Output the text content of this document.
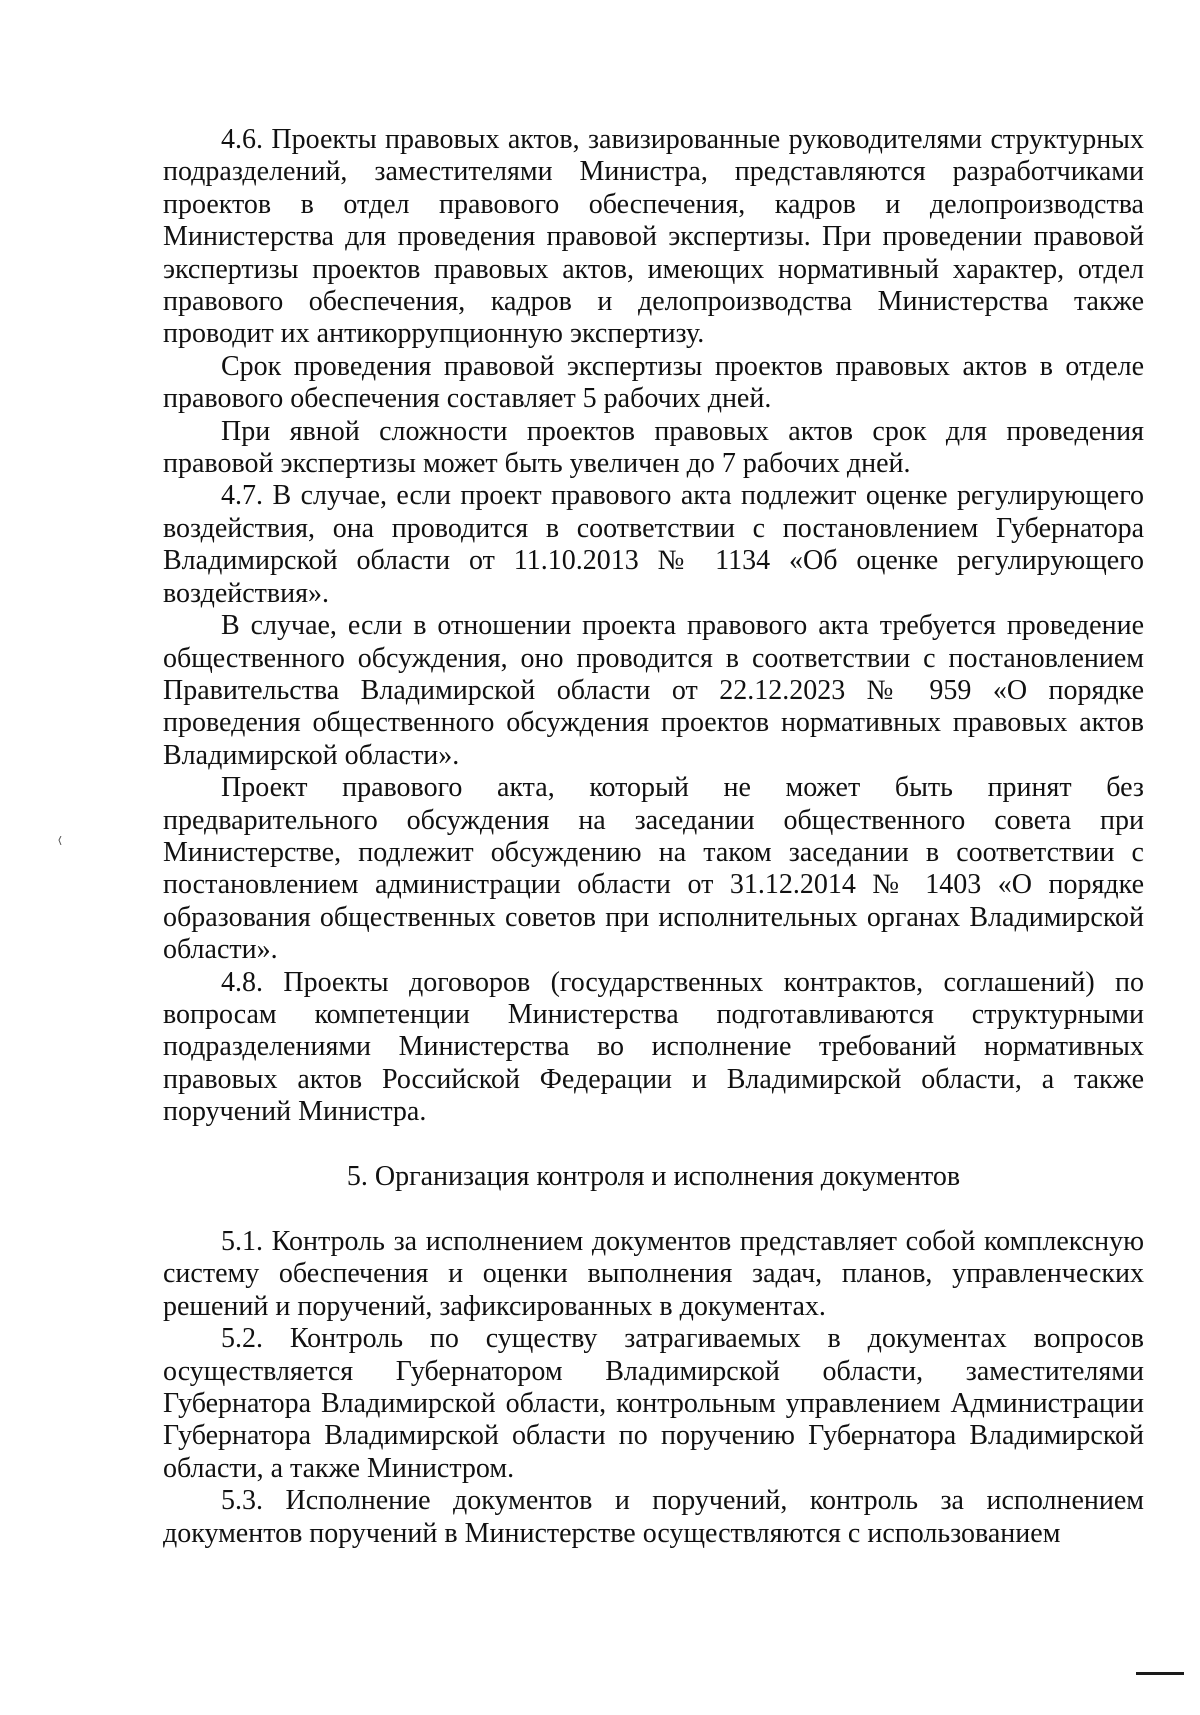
4.6. Проекты правовых актов, завизированные руководителями структурных подразделений, заместителями Министра, представляются разработчиками проектов в отдел правового обеспечения, кадров и делопроизводства Министерства для проведения правовой экспертизы. При проведении правовой экспертизы проектов правовых актов, имеющих нормативный характер, отдел правового обеспечения, кадров и делопроизводства Министерства также проводит их антикоррупционную экспертизу.

Срок проведения правовой экспертизы проектов правовых актов в отделе правового обеспечения составляет 5 рабочих дней.

При явной сложности проектов правовых актов срок для проведения правовой экспертизы может быть увеличен до 7 рабочих дней.

4.7. В случае, если проект правового акта подлежит оценке регулирующего воздействия, она проводится в соответствии с постановлением Губернатора Владимирской области от 11.10.2013 № 1134 «Об оценке регулирующего воздействия».

В случае, если в отношении проекта правового акта требуется проведение общественного обсуждения, оно проводится в соответствии с постановлением Правительства Владимирской области от 22.12.2023 № 959 «О порядке проведения общественного обсуждения проектов нормативных правовых актов Владимирской области».

Проект правового акта, который не может быть принят без предварительного обсуждения на заседании общественного совета при Министерстве, подлежит обсуждению на таком заседании в соответствии с постановлением администрации области от 31.12.2014 № 1403 «О порядке образования общественных советов при исполнительных органах Владимирской области».

4.8. Проекты договоров (государственных контрактов, соглашений) по вопросам компетенции Министерства подготавливаются структурными подразделениями Министерства во исполнение требований нормативных правовых актов Российской Федерации и Владимирской области, а также поручений Министра.

5. Организация контроля и исполнения документов

5.1. Контроль за исполнением документов представляет собой комплексную систему обеспечения и оценки выполнения задач, планов, управленческих решений и поручений, зафиксированных в документах.

5.2. Контроль по существу затрагиваемых в документах вопросов осуществляется Губернатором Владимирской области, заместителями Губернатора Владимирской области, контрольным управлением Администрации Губернатора Владимирской области по поручению Губернатора Владимирской области, а также Министром.

5.3. Исполнение документов и поручений, контроль за исполнением документов поручений в Министерстве осуществляются с использованием
